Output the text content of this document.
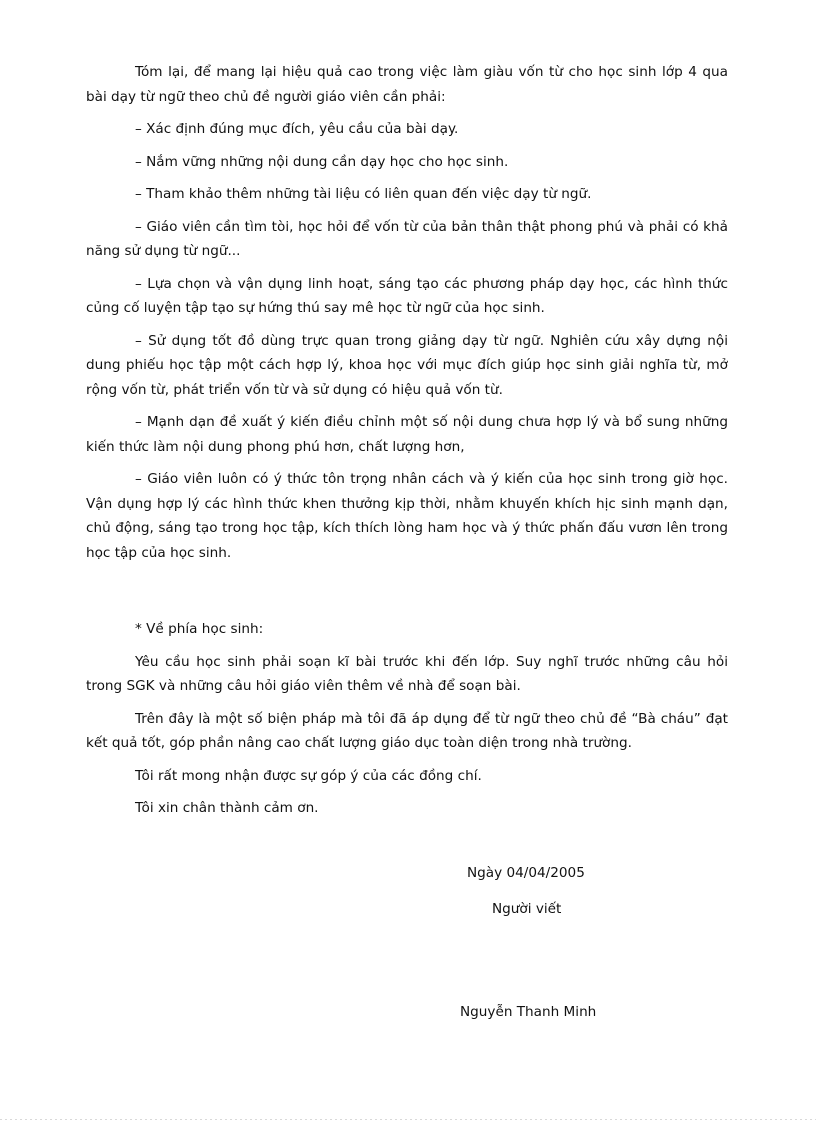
Tóm lại, để mang lại hiệu quả cao trong việc làm giàu vốn từ cho học sinh lớp 4 qua bài dạy từ ngữ theo chủ đề người giáo viên cần phải:

– Xác định đúng mục đích, yêu cầu của bài dạy.

– Nắm vững những nội dung cần dạy học cho học sinh.

– Tham khảo thêm những tài liệu có liên quan đến việc dạy từ ngữ.

– Giáo viên cần tìm tòi, học hỏi để vốn từ của bản thân thật phong phú và phải có khả năng sử dụng từ ngữ...

– Lựa chọn và vận dụng linh hoạt, sáng tạo các phương pháp dạy học, các hình thức củng cố luyện tập tạo sự hứng thú say mê học từ ngữ của học sinh.

– Sử dụng tốt đồ dùng trực quan trong giảng dạy từ ngữ. Nghiên cứu xây dựng nội dung phiếu học tập một cách hợp lý, khoa học với mục đích giúp học sinh giải nghĩa từ, mở rộng vốn từ, phát triển vốn từ và sử dụng có hiệu quả vốn từ.

– Mạnh dạn đề xuất ý kiến điều chỉnh một số nội dung chưa hợp lý và bổ sung những kiến thức làm nội dung phong phú hơn, chất lượng hơn,

– Giáo viên luôn có ý thức tôn trọng nhân cách và ý kiến của học sinh trong giờ học. Vận dụng hợp lý các hình thức khen thưởng kịp thời, nhằm khuyến khích hịc sinh mạnh dạn, chủ động, sáng tạo trong học tập, kích thích lòng ham học và ý thức phấn đấu vươn lên trong học tập của học sinh.

* Về phía học sinh:

Yêu cầu học sinh phải soạn kĩ bài trước khi đến lớp. Suy nghĩ trước những câu hỏi trong SGK và những câu hỏi giáo viên thêm về nhà để soạn bài.

Trên đây là một số biện pháp mà tôi đã áp dụng để từ ngữ theo chủ đề “Bà cháu” đạt kết quả tốt, góp phần nâng cao chất lượng giáo dục toàn diện trong nhà trường.

Tôi rất mong nhận được sự góp ý của các đồng chí.

Tôi xin chân thành cảm ơn.

Ngày 04/04/2005
Người viết
Nguyễn Thanh Minh
